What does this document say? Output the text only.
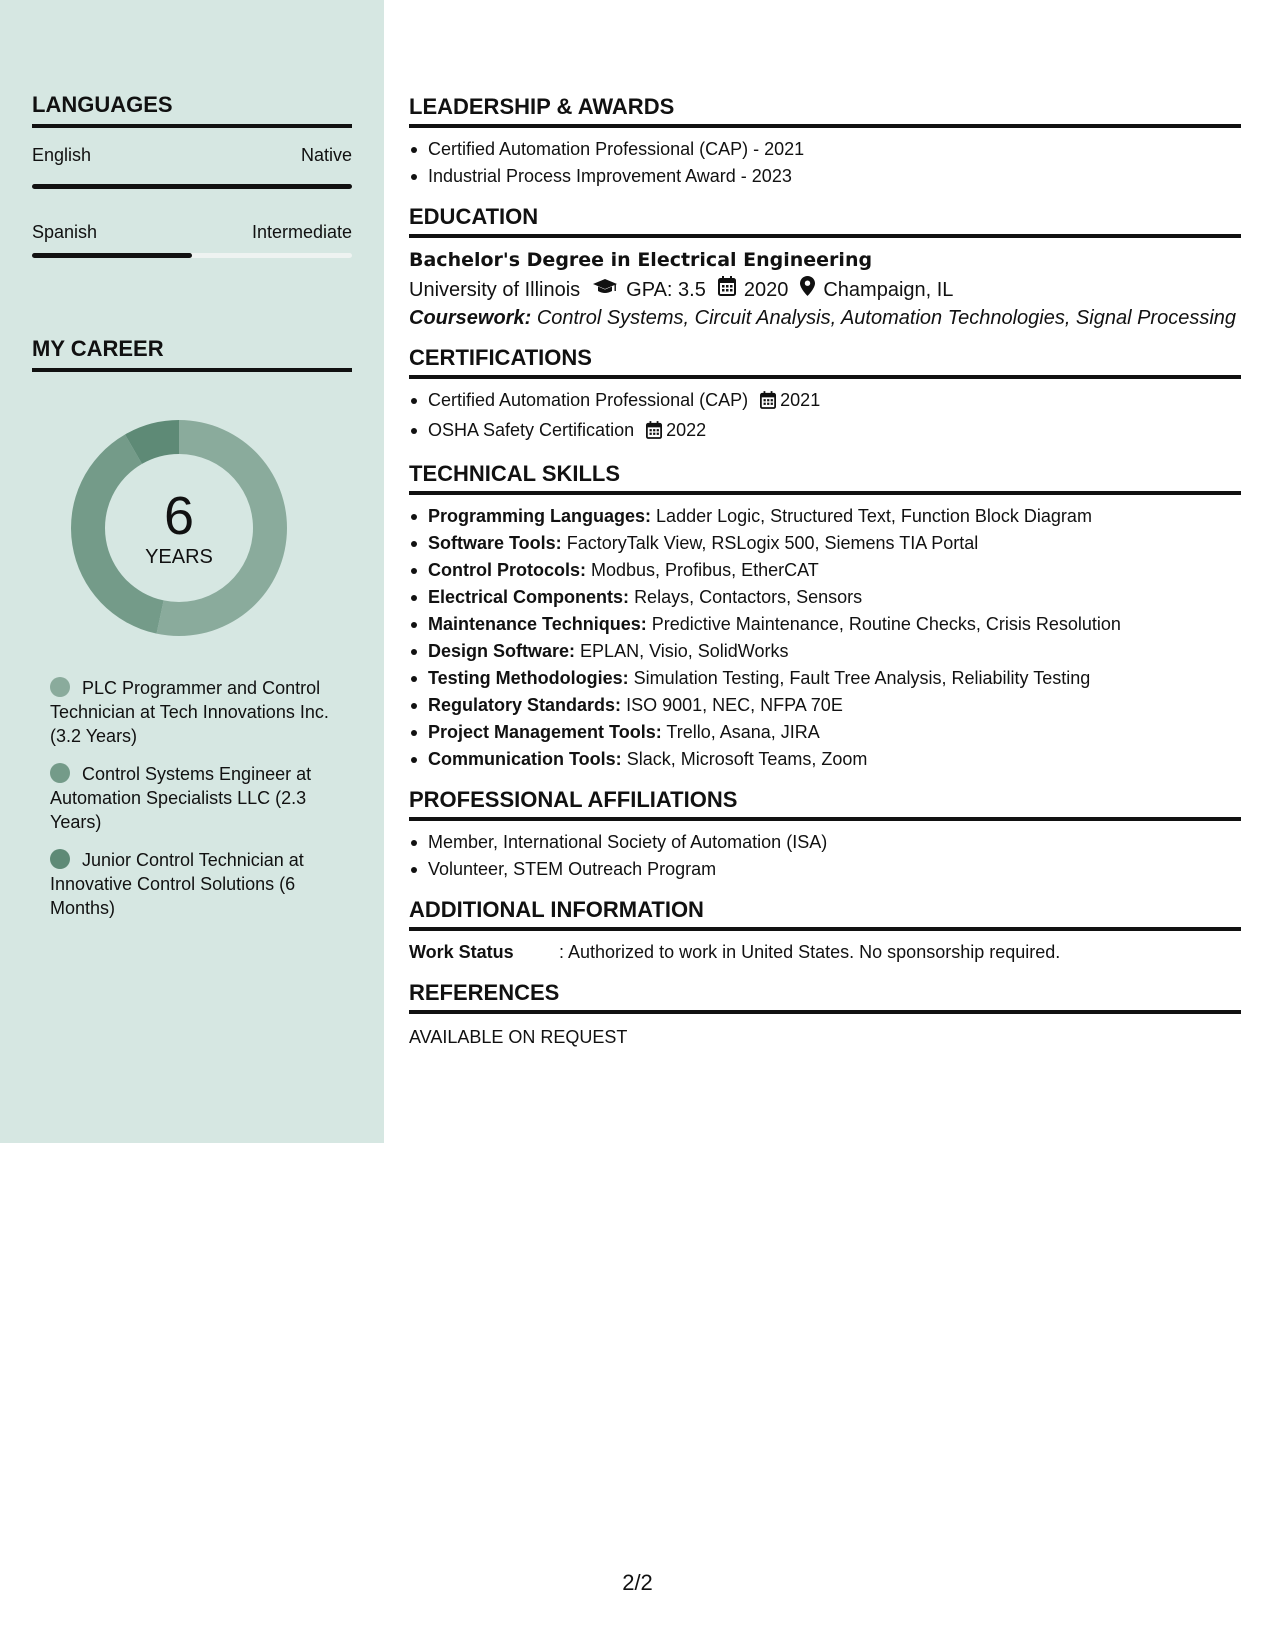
LANGUAGES
English	Native
Spanish	Intermediate
MY CAREER
6
YEARS
PLC Programmer and Control Technician at Tech Innovations Inc. (3.2 Years)
Control Systems Engineer at Automation Specialists LLC (2.3 Years)
Junior Control Technician at Innovative Control Solutions (6 Months)
LEADERSHIP & AWARDS
Certified Automation Professional (CAP) - 2021
Industrial Process Improvement Award - 2023
EDUCATION
Bachelor's Degree in Electrical Engineering
University of Illinois GPA: 3.5 2020 Champaign, IL
Coursework: Control Systems, Circuit Analysis, Automation Technologies, Signal Processing
CERTIFICATIONS
Certified Automation Professional (CAP) 2021
OSHA Safety Certification 2022
TECHNICAL SKILLS
Programming Languages: Ladder Logic, Structured Text, Function Block Diagram
Software Tools: FactoryTalk View, RSLogix 500, Siemens TIA Portal
Control Protocols: Modbus, Profibus, EtherCAT
Electrical Components: Relays, Contactors, Sensors
Maintenance Techniques: Predictive Maintenance, Routine Checks, Crisis Resolution
Design Software: EPLAN, Visio, SolidWorks
Testing Methodologies: Simulation Testing, Fault Tree Analysis, Reliability Testing
Regulatory Standards: ISO 9001, NEC, NFPA 70E
Project Management Tools: Trello, Asana, JIRA
Communication Tools: Slack, Microsoft Teams, Zoom
PROFESSIONAL AFFILIATIONS
Member, International Society of Automation (ISA)
Volunteer, STEM Outreach Program
ADDITIONAL INFORMATION
Work Status	: Authorized to work in United States. No sponsorship required.
REFERENCES
AVAILABLE ON REQUEST
2/2
